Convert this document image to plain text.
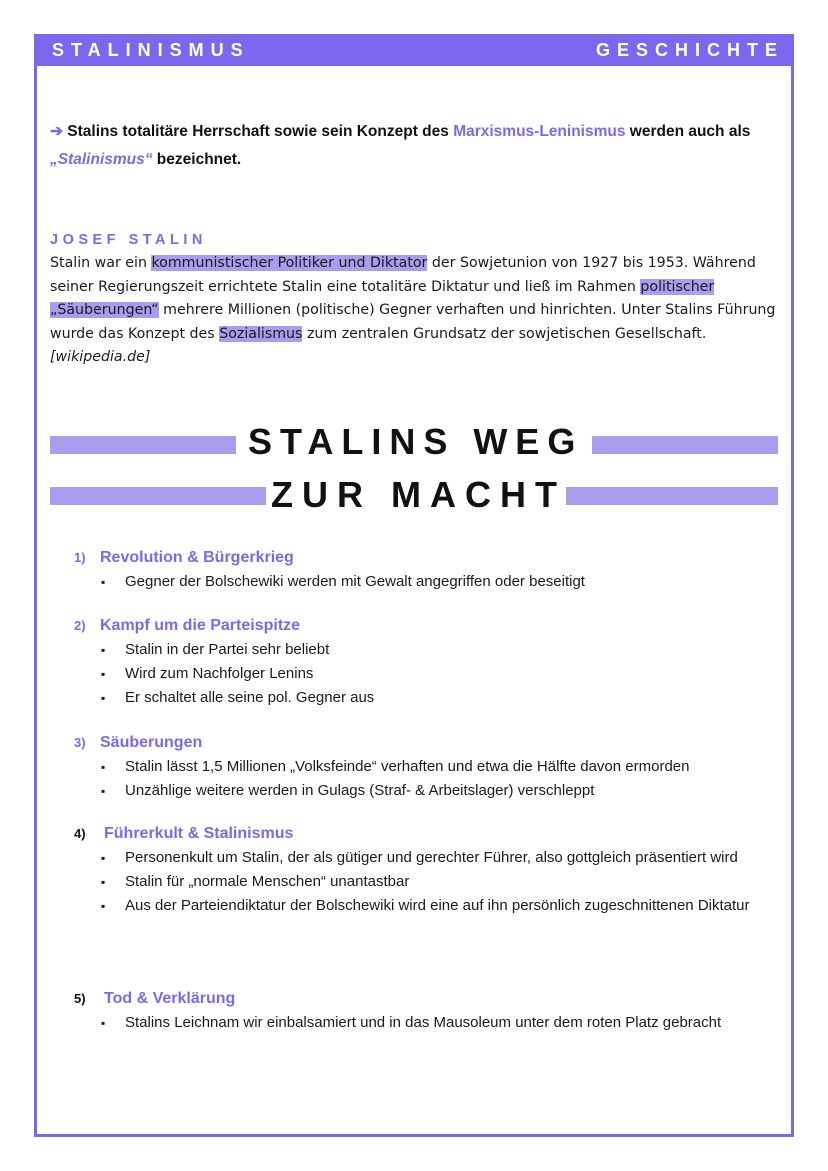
STALINISMUS	GESCHICHTE
➔ Stalins totalitäre Herrschaft sowie sein Konzept des Marxismus-Leninismus werden auch als „Stalinismus“ bezeichnet.
JOSEF STALIN
Stalin war ein kommunistischer Politiker und Diktator der Sowjetunion von 1927 bis 1953. Während seiner Regierungszeit errichtete Stalin eine totalitäre Diktatur und ließ im Rahmen politischer „Säuberungen“ mehrere Millionen (politische) Gegner verhaften und hinrichten. Unter Stalins Führung wurde das Konzept des Sozialismus zum zentralen Grundsatz der sowjetischen Gesellschaft. [wikipedia.de]
STALINS WEG
ZUR MACHT
1) Revolution & Bürgerkrieg
▪ Gegner der Bolschewiki werden mit Gewalt angegriffen oder beseitigt
2) Kampf um die Parteispitze
▪ Stalin in der Partei sehr beliebt
▪ Wird zum Nachfolger Lenins
▪ Er schaltet alle seine pol. Gegner aus
3) Säuberungen
▪ Stalin lässt 1,5 Millionen „Volksfeinde“ verhaften und etwa die Hälfte davon ermorden
▪ Unzählige weitere werden in Gulags (Straf- & Arbeitslager) verschleppt
4) Führerkult & Stalinismus
▪ Personenkult um Stalin, der als gütiger und gerechter Führer, also gottgleich präsentiert wird
▪ Stalin für „normale Menschen“ unantastbar
▪ Aus der Parteiendiktatur der Bolschewiki wird eine auf ihn persönlich zugeschnittenen Diktatur
5) Tod & Verklärung
▪ Stalins Leichnam wir einbalsamiert und in das Mausoleum unter dem roten Platz gebracht
